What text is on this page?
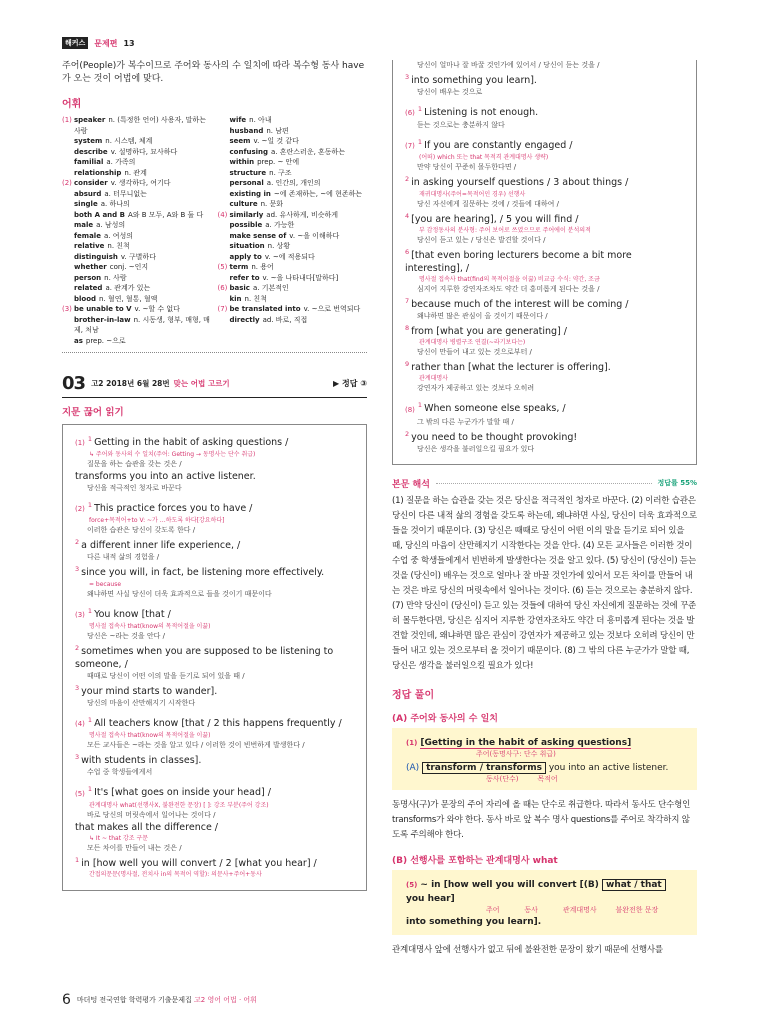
해커스	문제편 13

주어(People)가 복수이므로 주어와 동사의 수 일치에 따라 복수형 동사 have 가 오는 것이 어법에 맞다.

어휘
(1) speaker n. (특정한 언어) 사용자, 말하는 사람
system n. 시스템, 체계
describe v. 설명하다, 묘사하다
familial a. 가족의
relationship n. 관계
(2) consider v. 생각하다, 여기다
absurd a. 터무니없는
single a. 하나의
both A and B A와 B 모두, A와 B 둘 다
male a. 남성의
female a. 여성의
relative n. 친척
distinguish v. 구별하다
whether conj. ~인지
person n. 사람
related a. 관계가 있는
blood n. 혈연, 혈통, 혈액
(3) be unable to V v. ~할 수 없다
brother-in-law n. 시동생, 형부, 매형, 매제, 처남
as prep. ~으로
wife n. 아내
husband n. 남편
seem v. ~일 것 같다
confusing a. 혼란스러운, 혼동하는
within prep. ~ 안에
structure n. 구조
personal a. 인간의, 개인의
existing in ~에 존재하는, ~에 현존하는
culture n. 문화
(4) similarly ad. 유사하게, 비슷하게
possible a. 가능한
make sense of v. ~을 이해하다
situation n. 상황
apply to v. ~에 적용되다
(5) term n. 용어
refer to v. ~을 나타내다[말하다]
(6) basic a. 기본적인
kin n. 친척
(7) be translated into v. ~으로 번역되다
directly ad. 바로, 직접
03 고2 2018년 6월 28번 맞는 어법 고르기	▶ 정답 ③
지문 끊어 읽기
$(1)^1$ Getting in the habit of asking questions /
↳ 주어와 동사의 수 일치(주어: Getting → 동명사는 단수 취급)
질문을 하는 습관을 갖는 것은 /
transforms you into an active listener.
당신을 적극적인 청자로 바꾼다
$(2)^1$ This practice forces you to have /
force+목적어+to V: ~가 …하도록 하다[강요하다]
이러한 습관은 당신이 갖도록 한다 /
$^2$ a different inner life experience, /
다른 내적 삶의 경험을 /
$^3$ since you will, in fact, be listening more effectively.
= because
왜냐하면 사실 당신이 더욱 효과적으로 들을 것이기 때문이다
$(3)^1$ You know [that /
명사절 접속사 that(know의 목적어절을 이끎)
당신은 ~라는 것을 안다 /
$^2$ sometimes when you are supposed to be listening to
someone, /
때때로 당신이 어떤 이의 말을 듣기로 되어 있을 때 /
$^3$ your mind starts to wander].
당신의 마음이 산만해지기 시작한다
$(4)^1$ All teachers know [that / 2 this happens frequently /
명사절 접속사 that(know의 목적어절을 이끎)
모든 교사들은 ~라는 것을 알고 있다 / 이러한 것이 빈번하게 발생한다 /
$^3$ with students in classes].
수업 중 학생들에게서
$(5)^1$ It's [what goes on inside your head] /
관계대명사 what(선행사X, 불완전한 문장) [ ]: 강조 부분(주어 강조)
바로 당신의 머릿속에서 일어나는 것이다 /
that makes all the difference /
↳ It ~ that 강조 구문
모든 차이를 만들어 내는 것은 /
$^1$ in [how well you will convert / 2 [what you hear] /
간접의문문(명사절, 전치사 in의 목적어 역할): 의문사+주어+동사
당신이 얼마나 잘 바꿀 것인가에 있어서 / 당신이 듣는 것을 /
$^3$ into something you learn].
당신이 배우는 것으로
$(6)^1$ Listening is not enough.
듣는 것으로는 충분하지 않다
$(7)^1$ If you are constantly engaged /
(어떠) which 또는 that 목적격 관계대명사 생략)
만약 당신이 꾸준히 몰두한다면 /
$^2$ in asking yourself questions / 3 about things /
재귀대명사(주어=목적어인 경우) 선행사
당신 자신에게 질문하는 것에 / 것들에 대하여 /
$^4$ [you are hearing], / 5 you will find /
부 감정동사의 분사형: 주어 보어로 쓰였으므로 주어에이 분석의적
당신이 듣고 있는 / 당신은 발견할 것이다 /
$^6$ [that even boring lecturers become a bit more interesting], /
명사절 접속사 that(find의 목적어절을 이끎) 비교급 수식: 약간, 조금
심지어 지루한 강연자조차도 약간 더 흥미롭게 된다는 것을 /
$^7$ because much of the interest will be coming /
왜냐하면 많은 관심이 올 것이기 때문이다 /
$^8$ from [what you are generating] /
관계대명사 병렬구조 연결(~라기보다는)
당신이 만들어 내고 있는 것으로부터 /
$^9$ rather than [what the lecturer is offering].
관계대명사
강연자가 제공하고 있는 것보다 오히려
$(8)^1$ When someone else speaks, /
그 밖의 다른 누군가가 말할 때 /
$^2$ you need to be thought provoking!
당신은 생각을 불러일으킬 필요가 있다
본문 해석	정답률 55%

(1) 질문을 하는 습관을 갖는 것은 당신을 적극적인 청자로 바꾼다. (2) 이러한 습관은 당신이 다른 내적 삶의 경험을 갖도록 하는데, 왜냐하면 사실, 당신이 더욱 효과적으로 들을 것이기 때문이다. (3) 당신은 때때로 당신이 어떤 이의 말을 듣기로 되어 있을 때, 당신의 마음이 산만해지기 시작한다는 것을 안다. (4) 모든 교사들은 이러한 것이 수업 중 학생들에게서 빈번하게 발생한다는 것을 알고 있다. (5) 당신이 (당신이) 듣는 것을 (당신이) 배우는 것으로 얼마나 잘 바꿀 것인가에 있어서 모든 차이를 만들어 내는 것은 바로 당신의 머릿속에서 일어나는 것이다. (6) 듣는 것으로는 충분하지 않다. (7) 만약 당신이 (당신이) 듣고 있는 것들에 대하여 당신 자신에게 질문하는 것에 꾸준히 몰두한다면, 당신은 심지어 지루한 강연자조차도 약간 더 흥미롭게 된다는 것을 발견할 것인데, 왜냐하면 많은 관심이 강연자가 제공하고 있는 것보다 오히려 당신이 만들어 내고 있는 것으로부터 올 것이기 때문이다. (8) 그 밖의 다른 누군가가 말할 때, 당신은 생각을 불러일으킬 필요가 있다!

정답 풀이
(A) 주어와 동사의 수 일치
(1) [Getting in the habit of asking questions]
주어(동명사구: 단수 취급)
(A) transform / transforms you into an active listener.
동사(단수)	목적어

동명사(구)가 문장의 주어 자리에 올 때는 단수로 취급한다. 따라서 동사도 단수형인 transforms가 와야 한다. 동사 바로 앞 복수 명사 questions를 주어로 착각하지 않도록 주의해야 한다.

(B) 선행사를 포함하는 관계대명사 what
(5) ~ in [how well you will convert [(B) what / that you hear]
주어	동사	관계대명사	불완전한 문장
into something you learn].

관계대명사 앞에 선행사가 없고 뒤에 불완전한 문장이 왔기 때문에 선행사를

6 마더텅 전국연합 학력평가 기출문제집 고2 영어 어법 · 어휘
